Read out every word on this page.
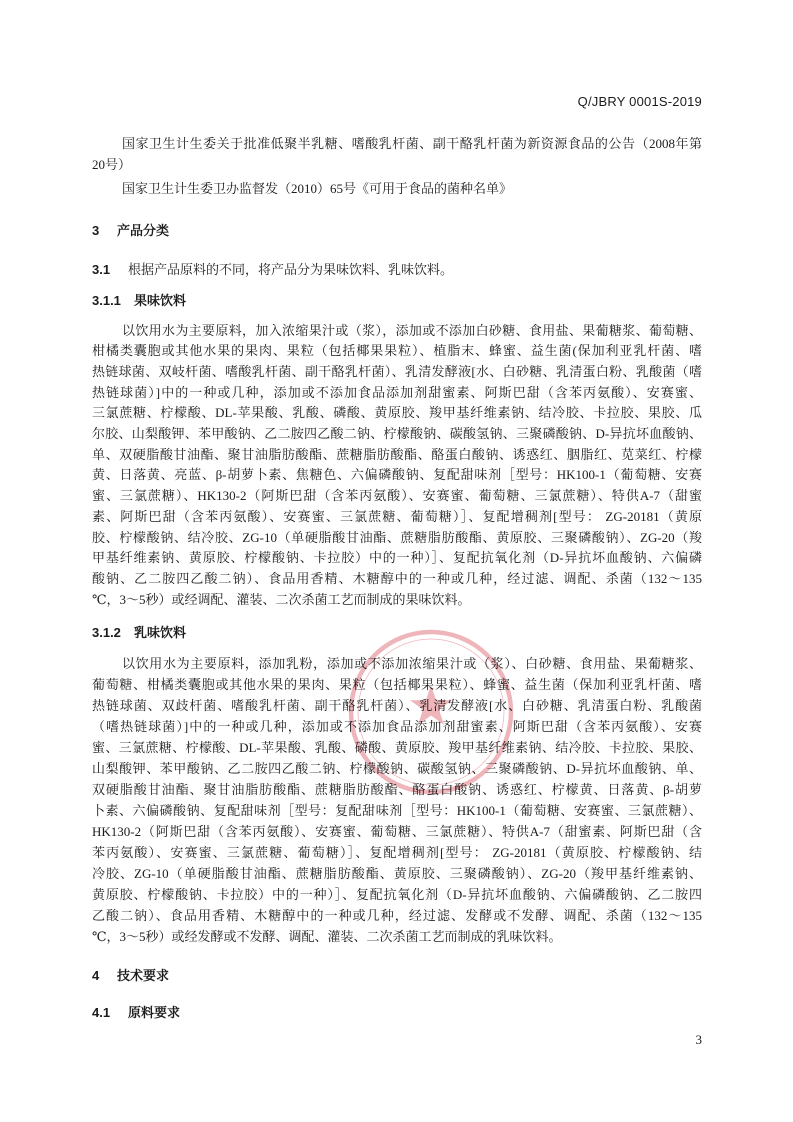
Q/JBRY 0001S-2019
国家卫生计生委关于批准低聚半乳糖、嗜酸乳杆菌、副干酪乳杆菌为新资源食品的公告（2008年第
20号）
国家卫生计生委卫办监督发（2010）65号《可用于食品的菌种名单》
3 产品分类
3.1 根据产品原料的不同，将产品分为果味饮料、乳味饮料。
3.1.1 果味饮料
以饮用水为主要原料，加入浓缩果汁或（浆），添加或不添加白砂糖、食用盐、果葡糖浆、葡萄糖、
柑橘类囊胞或其他水果的果肉、果粒（包括椰果果粒）、植脂末、蜂蜜、益生菌(保加利亚乳杆菌、嗜
热链球菌、双岐杆菌、嗜酸乳杆菌、副干酪乳杆菌）、乳清发酵液[水、白砂糖、乳清蛋白粉、乳酸菌（嗜
热链球菌）]中的一种或几种，添加或不添加食品添加剂甜蜜素、阿斯巴甜（含苯丙氨酸）、安赛蜜、
三氯蔗糖、柠檬酸、DL-苹果酸、乳酸、磷酸、黄原胶、羧甲基纤维素钠、结冷胶、卡拉胶、果胶、瓜
尔胶、山梨酸钾、苯甲酸钠、乙二胺四乙酸二钠、柠檬酸钠、碳酸氢钠、三聚磷酸钠、D-异抗坏血酸钠、
单、双硬脂酸甘油酯、聚甘油脂肪酸酯、蔗糖脂肪酸酯、酪蛋白酸钠、诱惑红、胭脂红、苋菜红、柠檬
黄、日落黄、亮蓝、β-胡萝卜素、焦糖色、六偏磷酸钠、复配甜味剂［型号：HK100-1（葡萄糖、安赛
蜜、三氯蔗糖）、HK130-2（阿斯巴甜（含苯丙氨酸）、安赛蜜、葡萄糖、三氯蔗糖）、特供A-7（甜蜜
素、阿斯巴甜（含苯丙氨酸）、安赛蜜、三氯蔗糖、葡萄糖）］、复配增稠剂[型号： ZG-20181（黄原
胶、柠檬酸钠、结冷胶、ZG-10（单硬脂酸甘油酯、蔗糖脂肪酸酯、黄原胶、三聚磷酸钠）、ZG-20（羧
甲基纤维素钠、黄原胶、柠檬酸钠、卡拉胶）中的一种）］、复配抗氧化剂（D-异抗坏血酸钠、六偏磷
酸钠、乙二胺四乙酸二钠）、食品用香精、木糖醇中的一种或几种，经过滤、调配、杀菌（132～135
℃，3～5秒）或经调配、灌装、二次杀菌工艺而制成的果味饮料。
3.1.2 乳味饮料
以饮用水为主要原料，添加乳粉，添加或不添加浓缩果汁或（浆）、白砂糖、食用盐、果葡糖浆、
葡萄糖、柑橘类囊胞或其他水果的果肉、果粒（包括椰果果粒）、蜂蜜、益生菌（保加利亚乳杆菌、嗜
热链球菌、双歧杆菌、嗜酸乳杆菌、副干酪乳杆菌）、乳清发酵液[水、白砂糖、乳清蛋白粉、乳酸菌
（嗜热链球菌）]中的一种或几种，添加或不添加食品添加剂甜蜜素、阿斯巴甜（含苯丙氨酸）、安赛
蜜、三氯蔗糖、柠檬酸、DL-苹果酸、乳酸、磷酸、黄原胶、羧甲基纤维素钠、结冷胶、卡拉胶、果胶、
山梨酸钾、苯甲酸钠、乙二胺四乙酸二钠、柠檬酸钠、碳酸氢钠、三聚磷酸钠、D-异抗坏血酸钠、单、
双硬脂酸甘油酯、聚甘油脂肪酸酯、蔗糖脂肪酸酯、酪蛋白酸钠、诱惑红、柠檬黄、日落黄、β-胡萝
卜素、六偏磷酸钠、复配甜味剂［型号：复配甜味剂［型号：HK100-1（葡萄糖、安赛蜜、三氯蔗糖）、
HK130-2（阿斯巴甜（含苯丙氨酸）、安赛蜜、葡萄糖、三氯蔗糖）、特供A-7（甜蜜素、阿斯巴甜（含
苯丙氨酸）、安赛蜜、三氯蔗糖、葡萄糖）］、复配增稠剂[型号： ZG-20181（黄原胶、柠檬酸钠、结
冷胶、ZG-10（单硬脂酸甘油酯、蔗糖脂肪酸酯、黄原胶、三聚磷酸钠）、ZG-20（羧甲基纤维素钠、
黄原胶、柠檬酸钠、卡拉胶）中的一种）］、复配抗氧化剂（D-异抗坏血酸钠、六偏磷酸钠、乙二胺四
乙酸二钠）、食品用香精、木糖醇中的一种或几种，经过滤、发酵或不发酵、调配、杀菌（132～135
℃，3～5秒）或经发酵或不发酵、调配、灌装、二次杀菌工艺而制成的乳味饮料。
4 技术要求
4.1 原料要求
3
